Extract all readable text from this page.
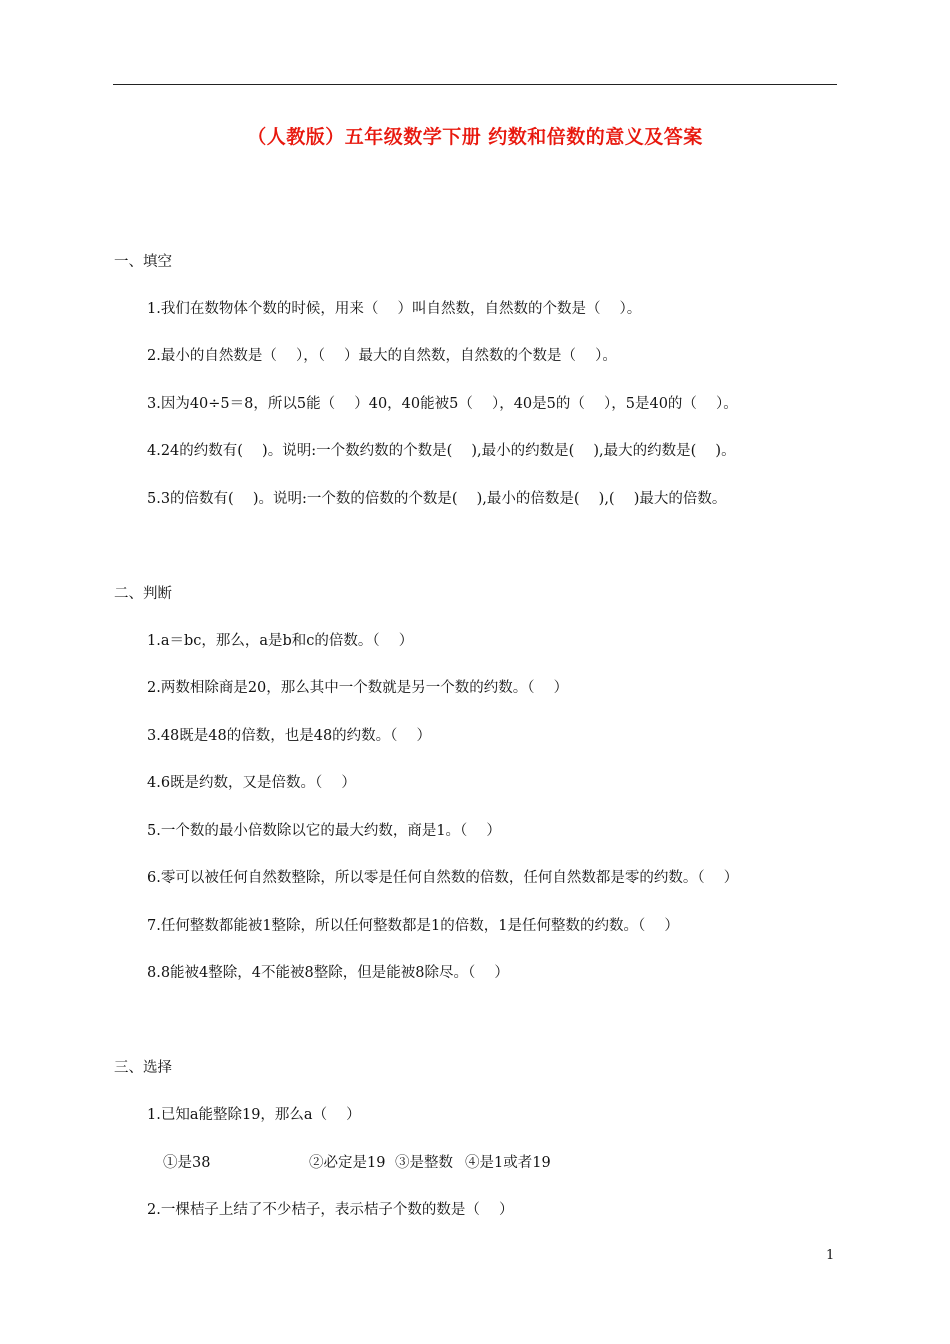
（人教版）五年级数学下册 约数和倍数的意义及答案
一、填空
1.我们在数物体个数的时候，用来（　 ）叫自然数，自然数的个数是（　 ）。
2.最小的自然数是（　 ），（　 ）最大的自然数，自然数的个数是（　 ）。
3.因为40÷5＝8，所以5能（　 ）40，40能被5（　 ），40是5的（　 ），5是40的（　 ）。
4.24的约数有(　 )。说明:一个数约数的个数是(　 ),最小的约数是(　 ),最大的约数是(　 )。
5.3的倍数有(　 )。说明:一个数的倍数的个数是(　 ),最小的倍数是(　 ),(　 )最大的倍数。
二、判断
1.a＝bc，那么，a是b和c的倍数。（　 ）
2.两数相除商是20，那么其中一个数就是另一个数的约数。（　 ）
3.48既是48的倍数，也是48的约数。（　 ）
4.6既是约数，又是倍数。（　 ）
5.一个数的最小倍数除以它的最大约数，商是1。（　 ）
6.零可以被任何自然数整除，所以零是任何自然数的倍数，任何自然数都是零的约数。（　 ）
7.任何整数都能被1整除，所以任何整数都是1的倍数，1是任何整数的约数。（　 ）
8.8能被4整除，4不能被8整除，但是能被8除尽。（　 ）
三、选择
1.已知a能整除19，那么a（　 ）
①是38	②必定是19 ③是整数 ④是1或者19
2.一棵桔子上结了不少桔子，表示桔子个数的数是（　 ）
1
